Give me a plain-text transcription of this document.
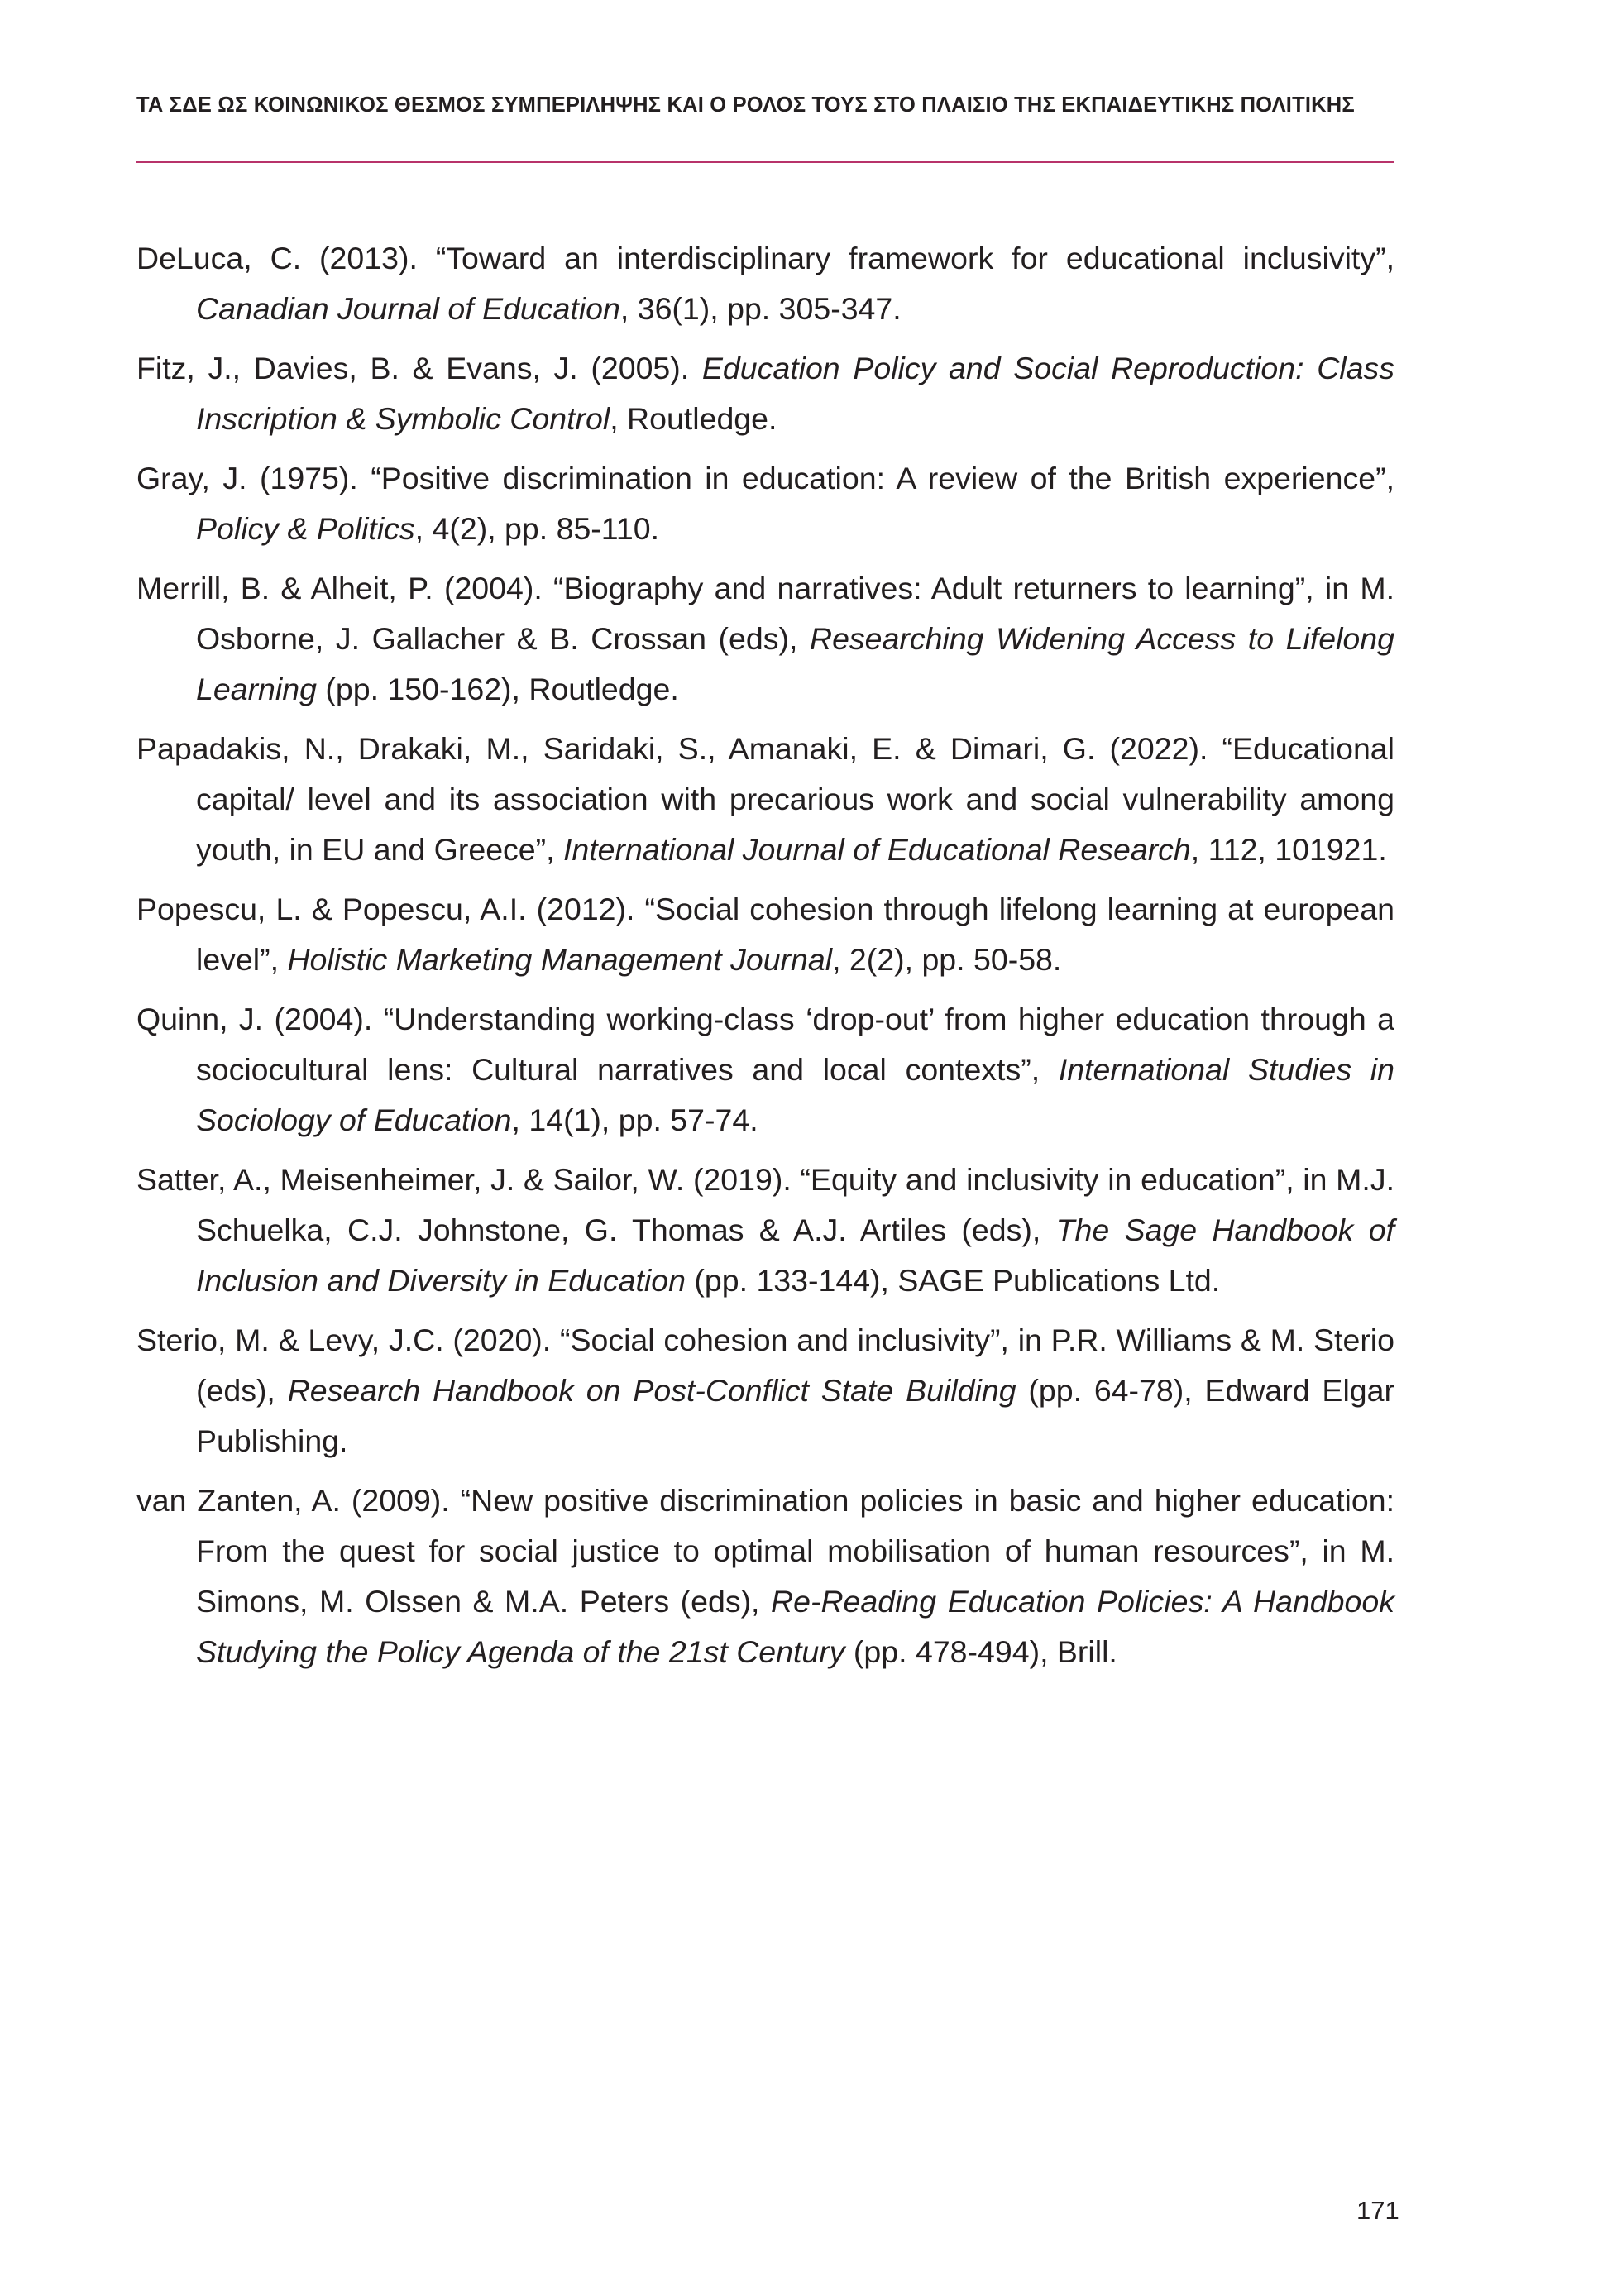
ΤΑ ΣΔΕ ΩΣ ΚΟΙΝΩΝΙΚΟΣ ΘΕΣΜΟΣ ΣΥΜΠΕΡΙΛΗΨΗΣ ΚΑΙ Ο ΡΟΛΟΣ ΤΟΥΣ ΣΤΟ ΠΛΑΙΣΙΟ ΤΗΣ ΕΚΠΑΙΔΕΥΤΙΚΗΣ ΠΟΛΙΤΙΚΗΣ
DeLuca, C. (2013). “Toward an interdisciplinary framework for educational inclusivity”, Canadian Journal of Education, 36(1), pp. 305-347.
Fitz, J., Davies, B. & Evans, J. (2005). Education Policy and Social Reproduction: Class Inscription & Symbolic Control, Routledge.
Gray, J. (1975). “Positive discrimination in education: A review of the British experience”, Policy & Politics, 4(2), pp. 85-110.
Merrill, B. & Alheit, P. (2004). “Biography and narratives: Adult returners to learning”, in M. Osborne, J. Gallacher & B. Crossan (eds), Researching Widening Access to Lifelong Learning (pp. 150-162), Routledge.
Papadakis, N., Drakaki, M., Saridaki, S., Amanaki, E. & Dimari, G. (2022). “Educational capital/ level and its association with precarious work and social vulnerability among youth, in EU and Greece”, International Journal of Educational Research, 112, 101921.
Popescu, L. & Popescu, A.I. (2012). “Social cohesion through lifelong learning at european level”, Holistic Marketing Management Journal, 2(2), pp. 50-58.
Quinn, J. (2004). “Understanding working-class ‘drop-out’ from higher education through a sociocultural lens: Cultural narratives and local contexts”, International Studies in Sociology of Education, 14(1), pp. 57-74.
Satter, A., Meisenheimer, J. & Sailor, W. (2019). “Equity and inclusivity in education”, in M.J. Schuelka, C.J. Johnstone, G. Thomas & A.J. Artiles (eds), The Sage Handbook of Inclusion and Diversity in Education (pp. 133-144), SAGE Publications Ltd.
Sterio, M. & Levy, J.C. (2020). “Social cohesion and inclusivity”, in P.R. Williams & M. Sterio (eds), Research Handbook on Post-Conflict State Building (pp. 64-78), Edward Elgar Publishing.
van Zanten, A. (2009). “New positive discrimination policies in basic and higher education: From the quest for social justice to optimal mobilisation of human resources”, in M. Simons, M. Olssen & M.A. Peters (eds), Re-Reading Education Policies: A Handbook Studying the Policy Agenda of the 21st Century (pp. 478-494), Brill.
171
